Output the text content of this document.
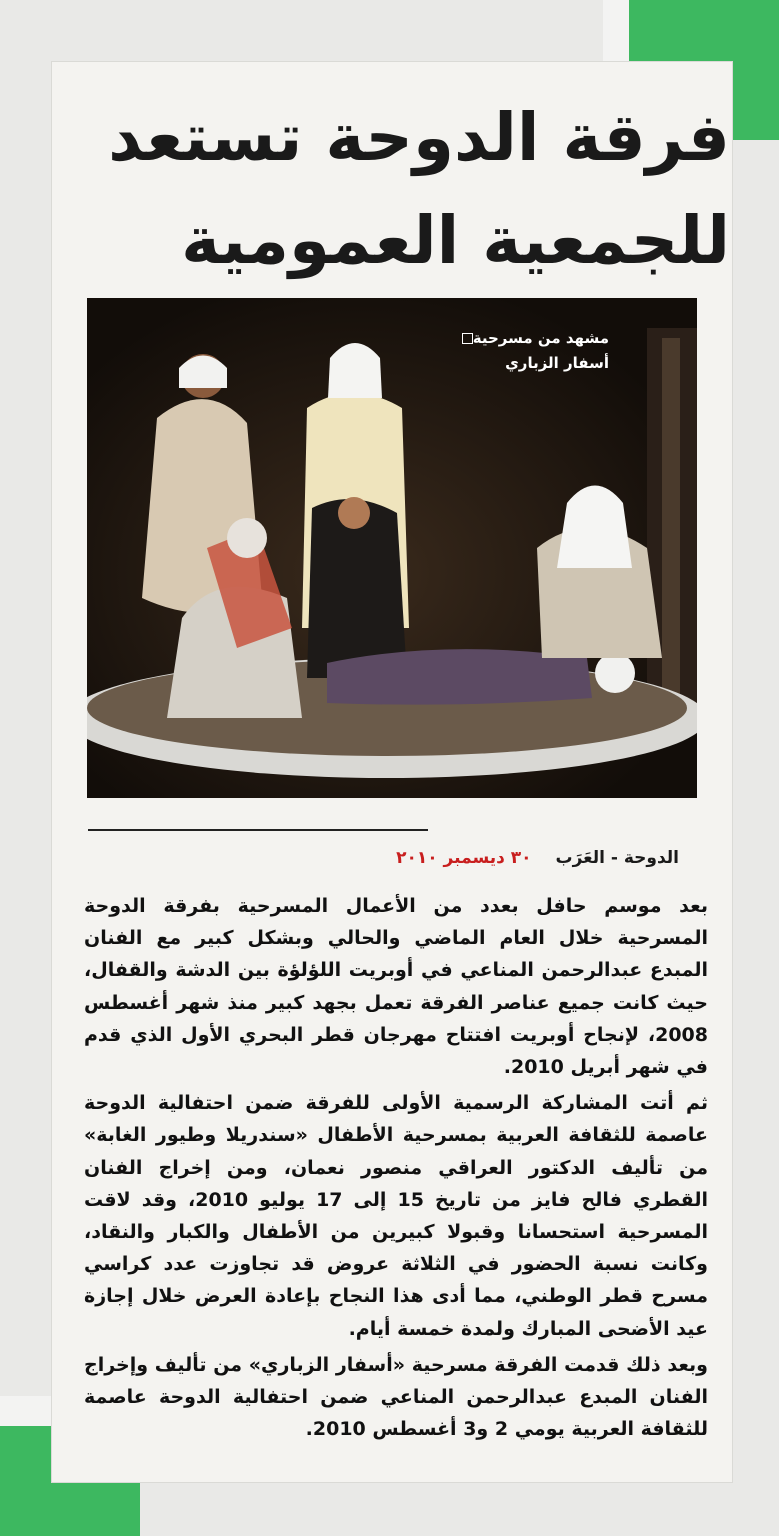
فرقة الدوحة تستعد
للجمعية العمومية
مشهد من مسرحية
أسفار الزباري
الدوحة - العَرَب ٣٠ ديسمبر ٢٠١٠

بعد موسم حافل بعدد من الأعمال المسرحية بفرقة الدوحة المسرحية خلال العام الماضي والحالي وبشكل كبير مع الفنان المبدع عبدالرحمن المناعي في أوبريت اللؤلؤة بين الدشة والقفال، حيث كانت جميع عناصر الفرقة تعمل بجهد كبير منذ شهر أغسطس 2008، لإنجاح أوبريت افتتاح مهرجان قطر البحري الأول الذي قدم في شهر أبريل 2010.

ثم أتت المشاركة الرسمية الأولى للفرقة ضمن احتفالية الدوحة عاصمة للثقافة العربية بمسرحية الأطفال «سندريلا وطيور الغابة» من تأليف الدكتور العراقي منصور نعمان، ومن إخراج الفنان القطري فالح فايز من تاريخ 15 إلى 17 يوليو 2010، وقد لاقت المسرحية استحسانا وقبولا كبيرين من الأطفال والكبار والنقاد، وكانت نسبة الحضور في الثلاثة عروض قد تجاوزت عدد كراسي مسرح قطر الوطني، مما أدى هذا النجاح بإعادة العرض خلال إجازة عيد الأضحى المبارك ولمدة خمسة أيام.

وبعد ذلك قدمت الفرقة مسرحية «أسفار الزباري» من تأليف وإخراج الفنان المبدع عبدالرحمن المناعي ضمن احتفالية الدوحة عاصمة للثقافة العربية يومي 2 و3 أغسطس 2010.
